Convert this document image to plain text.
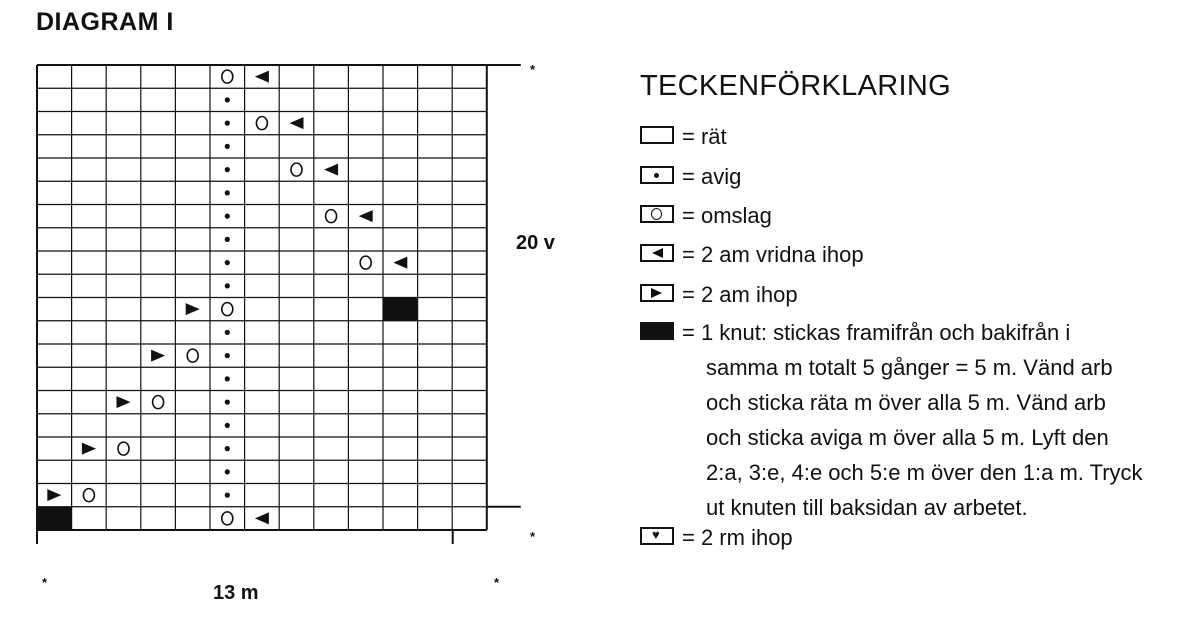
DIAGRAM I
20 v
13 m
*
*
*	*
TECKENFÖRKLARING
= rät
= avig
= omslag
= 2 am vridna ihop
= 2 am ihop
= 1 knut: stickas framifrån och bakifrån i
samma m totalt 5 gånger = 5 m. Vänd arb
och sticka räta m över alla 5 m. Vänd arb
och sticka aviga m över alla 5 m. Lyft den
2:a, 3:e, 4:e och 5:e m över den 1:a m. Tryck
ut knuten till baksidan av arbetet.
♥ = 2 rm ihop
